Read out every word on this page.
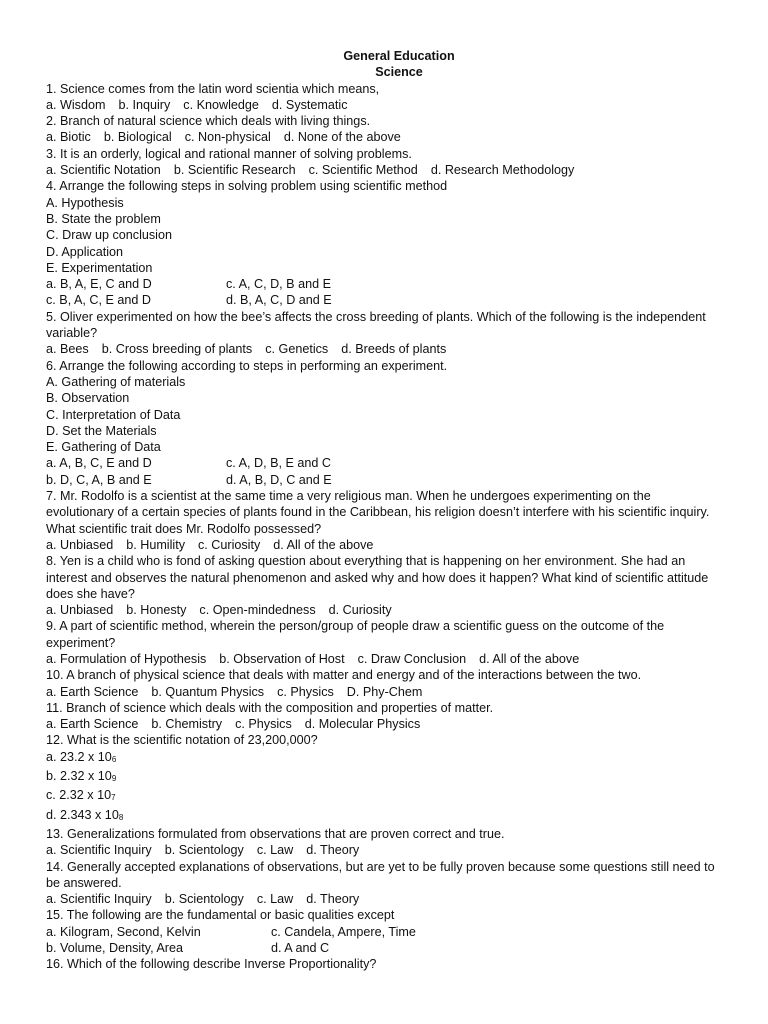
General Education
Science
1. Science comes from the latin word scientia which means,
a. Wisdom b. Inquiry c. Knowledge d. Systematic
2. Branch of natural science which deals with living things.
a. Biotic b. Biological c. Non-physical d. None of the above
3. It is an orderly, logical and rational manner of solving problems.
a. Scientific Notation b. Scientific Research c. Scientific Method d. Research Methodology
4. Arrange the following steps in solving problem using scientific method
A. Hypothesis
B. State the problem
C. Draw up conclusion
D. Application
E. Experimentation
a. B, A, E, C and D	c. A, C, D, B and E
c. B, A, C, E and D	d. B, A, C, D and E
5. Oliver experimented on how the bee’s affects the cross breeding of plants. Which of the following is the independent variable?
a. Bees b. Cross breeding of plants c. Genetics d. Breeds of plants
6. Arrange the following according to steps in performing an experiment.
A. Gathering of materials
B. Observation
C. Interpretation of Data
D. Set the Materials
E. Gathering of Data
a. A, B, C, E and D	c. A, D, B, E and C
b. D, C, A, B and E	d. A, B, D, C and E
7. Mr. Rodolfo is a scientist at the same time a very religious man. When he undergoes experimenting on the evolutionary of a certain species of plants found in the Caribbean, his religion doesn’t interfere with his scientific inquiry. What scientific trait does Mr. Rodolfo possessed?
a. Unbiased b. Humility c. Curiosity d. All of the above
8. Yen is a child who is fond of asking question about everything that is happening on her environment. She had an interest and observes the natural phenomenon and asked why and how does it happen? What kind of scientific attitude does she have?
a. Unbiased b. Honesty c. Open-mindedness d. Curiosity
9. A part of scientific method, wherein the person/group of people draw a scientific guess on the outcome of the experiment?
a. Formulation of Hypothesis b. Observation of Host c. Draw Conclusion d. All of the above
10. A branch of physical science that deals with matter and energy and of the interactions between the two.
a. Earth Science b. Quantum Physics c. Physics D. Phy-Chem
11. Branch of science which deals with the composition and properties of matter.
a. Earth Science b. Chemistry c. Physics d. Molecular Physics
12. What is the scientific notation of 23,200,000?
a. 23.2 x $10_6$
b. 2.32 x $10_9$
c. 2.32 x $10_7$
d. 2.343 x $10_8$
13. Generalizations formulated from observations that are proven correct and true.
a. Scientific Inquiry b. Scientology c. Law d. Theory
14. Generally accepted explanations of observations, but are yet to be fully proven because some questions still need to be answered.
a. Scientific Inquiry b. Scientology c. Law d. Theory
15. The following are the fundamental or basic qualities except
a. Kilogram, Second, Kelvin	c. Candela, Ampere, Time
b. Volume, Density, Area	d. A and C
16. Which of the following describe Inverse Proportionality?
